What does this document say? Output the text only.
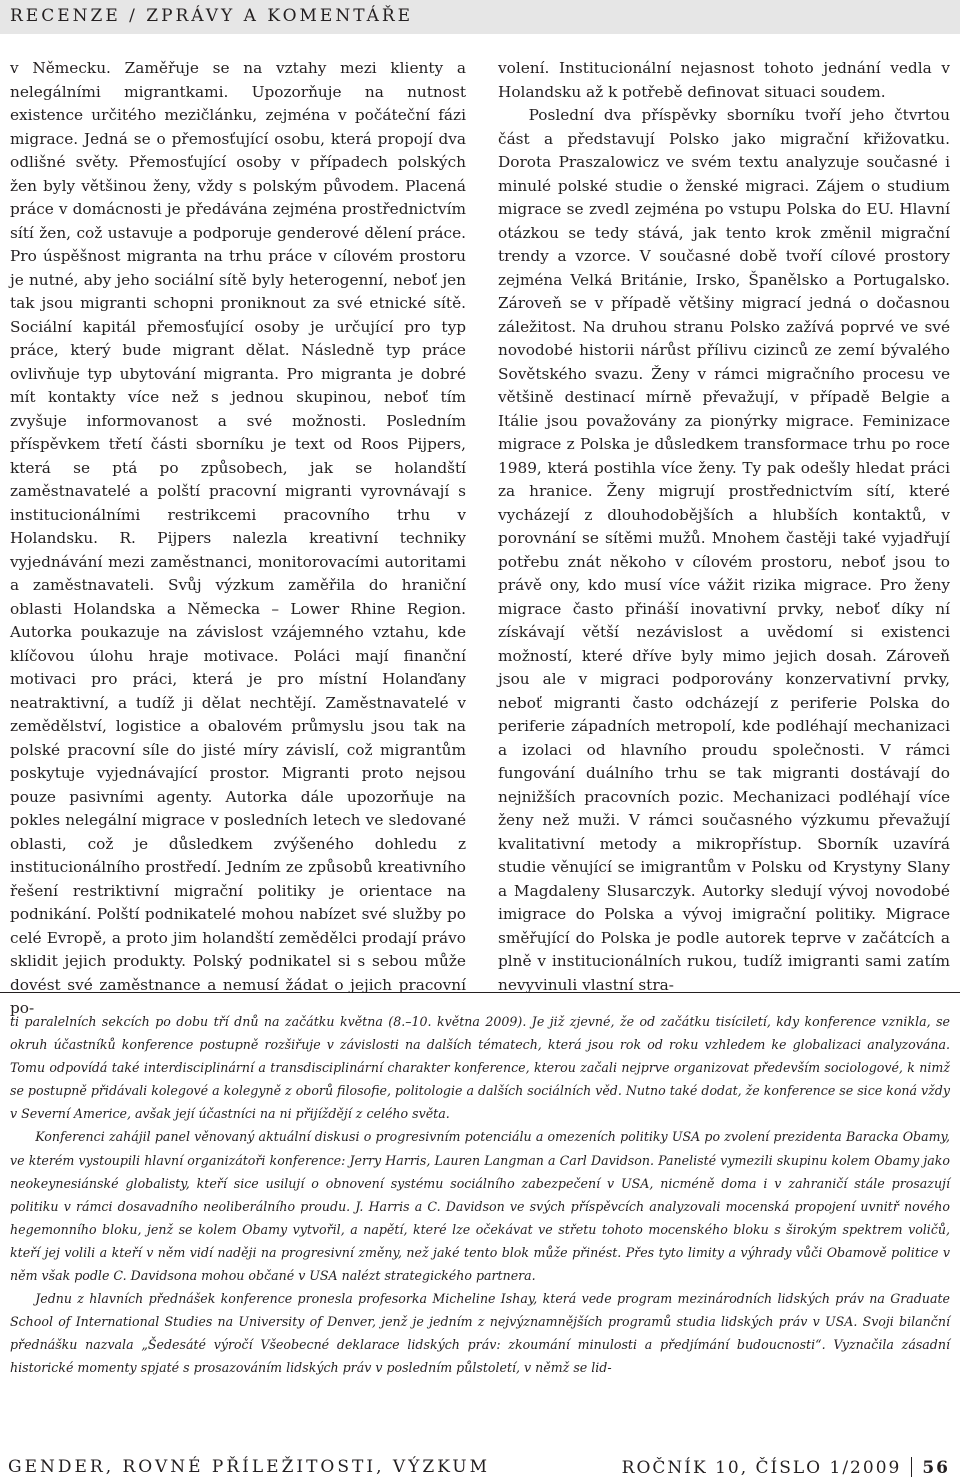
RECENZE / ZPRÁVY A KOMENTÁŘE

v Německu. Zaměřuje se na vztahy mezi klienty a nelegálními migrantkami. Upozorňuje na nutnost existence určitého mezičlánku, zejména v počáteční fázi migrace. Jedná se o přemosťující osobu, která propojí dva odlišné světy. Přemosťující osoby v případech polských žen byly většinou ženy, vždy s polským původem. Placená práce v domácnosti je předávána zejména prostřednictvím sítí žen, což ustavuje a podporuje genderové dělení práce. Pro úspěšnost migranta na trhu práce v cílovém prostoru je nutné, aby jeho sociální sítě byly heterogenní, neboť jen tak jsou migranti schopni proniknout za své etnické sítě. Sociální kapitál přemosťující osoby je určující pro typ práce, který bude migrant dělat. Následně typ práce ovlivňuje typ ubytování migranta. Pro migranta je dobré mít kontakty více než s jednou skupinou, neboť tím zvyšuje informovanost a své možnosti. Posledním příspěvkem třetí části sborníku je text od Roos Pijpers, která se ptá po způsobech, jak se holandští zaměstnavatelé a polští pracovní migranti vyrovnávají s institucionálními restrikcemi pracovního trhu v Holandsku. R. Pijpers nalezla kreativní techniky vyjednávání mezi zaměstnanci, monitorovacími autoritami a zaměstnavateli. Svůj výzkum zaměřila do hraniční oblasti Holandska a Německa – Lower Rhine Region. Autorka poukazuje na závislost vzájemného vztahu, kde klíčovou úlohu hraje motivace. Poláci mají finanční motivaci pro práci, která je pro místní Holanďany neatraktivní, a tudíž ji dělat nechtějí. Zaměstnavatelé v zemědělství, logistice a obalovém průmyslu jsou tak na polské pracovní síle do jisté míry závislí, což migrantům poskytuje vyjednávající prostor. Migranti proto nejsou pouze pasivními agenty. Autorka dále upozorňuje na pokles nelegální migrace v posledních letech ve sledované oblasti, což je důsledkem zvýšeného dohledu z institucionálního prostředí. Jedním ze způsobů kreativního řešení restriktivní migrační politiky je orientace na podnikání. Polští podnikatelé mohou nabízet své služby po celé Evropě, a proto jim holandští zemědělci prodají právo sklidit jejich produkty. Polský podnikatel si s sebou může dovést své zaměstnance a nemusí žádat o jejich pracovní po-

volení. Institucionální nejasnost tohoto jednání vedla v Holandsku až k potřebě definovat situaci soudem.

Poslední dva příspěvky sborníku tvoří jeho čtvrtou část a představují Polsko jako migrační křižovatku. Dorota Praszalowicz ve svém textu analyzuje současné i minulé polské studie o ženské migraci. Zájem o studium migrace se zvedl zejména po vstupu Polska do EU. Hlavní otázkou se tedy stává, jak tento krok změnil migrační trendy a vzorce. V současné době tvoří cílové prostory zejména Velká Británie, Irsko, Španělsko a Portugalsko. Zároveň se v případě většiny migrací jedná o dočasnou záležitost. Na druhou stranu Polsko zažívá poprvé ve své novodobé historii nárůst přílivu cizinců ze zemí bývalého Sovětského svazu. Ženy v rámci migračního procesu ve většině destinací mírně převažují, v případě Belgie a Itálie jsou považovány za pionýrky migrace. Feminizace migrace z Polska je důsledkem transformace trhu po roce 1989, která postihla více ženy. Ty pak odešly hledat práci za hranice. Ženy migrují prostřednictvím sítí, které vycházejí z dlouhodobějších a hlubších kontaktů, v porovnání se sítěmi mužů. Mnohem častěji také vyjadřují potřebu znát někoho v cílovém prostoru, neboť jsou to právě ony, kdo musí více vážit rizika migrace. Pro ženy migrace často přináší inovativní prvky, neboť díky ní získávají větší nezávislost a uvědomí si existenci možností, které dříve byly mimo jejich dosah. Zároveň jsou ale v migraci podporovány konzervativní prvky, neboť migranti často odcházejí z periferie Polska do periferie západních metropolí, kde podléhají mechanizaci a izolaci od hlavního proudu společnosti. V rámci fungování duálního trhu se tak migranti dostávají do nejnižších pracovních pozic. Mechanizaci podléhají více ženy než muži. V rámci současného výzkumu převažují kvalitativní metody a mikropřístup. Sborník uzavírá studie věnující se imigrantům v Polsku od Krystyny Slany a Magdaleny Slusarczyk. Autorky sledují vývoj novodobé imigrace do Polska a vývoj imigrační politiky. Migrace směřující do Polska je podle autorek teprve v začátcích a plně v institucionálních rukou, tudíž imigranti sami zatím nevyvinuli vlastní stra-

ti paralelních sekcích po dobu tří dnů na začátku května (8.–10. května 2009). Je již zjevné, že od začátku tisíciletí, kdy konference vznikla, se okruh účastníků konference postupně rozšiřuje v závislosti na dalších tématech, která jsou rok od roku vzhledem ke globalizaci analyzována. Tomu odpovídá také interdisciplinární a transdisciplinární charakter konference, kterou začali nejprve organizovat především sociologové, k nimž se postupně přidávali kolegové a kolegyně z oborů filosofie, politologie a dalších sociálních věd. Nutno také dodat, že konference se sice koná vždy v Severní Americe, avšak její účastníci na ni přijíždějí z celého světa.

Konferenci zahájil panel věnovaný aktuální diskusi o progresivním potenciálu a omezeních politiky USA po zvolení prezidenta Baracka Obamy, ve kterém vystoupili hlavní organizátoři konference: Jerry Harris, Lauren Langman a Carl Davidson. Panelisté vymezili skupinu kolem Obamy jako neokeynesiánské globalisty, kteří sice usilují o obnovení systému sociálního zabezpečení v USA, nicméně doma i v zahraničí stále prosazují politiku v rámci dosavadního neoliberálního proudu. J. Harris a C. Davidson ve svých příspěvcích analyzovali mocenská propojení uvnitř nového hegemonního bloku, jenž se kolem Obamy vytvořil, a napětí, které lze očekávat ve střetu tohoto mocenského bloku s širokým spektrem voličů, kteří jej volili a kteří v něm vidí naději na progresivní změny, než jaké tento blok může přinést. Přes tyto limity a výhrady vůči Obamově politice v něm však podle C. Davidsona mohou občané v USA nalézt strategického partnera.

Jednu z hlavních přednášek konference pronesla profesorka Micheline Ishay, která vede program mezinárodních lidských práv na Graduate School of International Studies na University of Denver, jenž je jedním z nejvýznamnějších programů studia lidských práv v USA. Svoji bilanční přednášku nazvala „Šedesáté výročí Všeobecné deklarace lidských práv: zkoumání minulosti a předjímání budoucnosti“. Vyznačila zásadní historické momenty spjaté s prosazováním lidských práv v posledním půlstoletí, v němž se lid-

GENDER, ROVNÉ PŘÍLEŽITOSTI, VÝZKUM	ROČNÍK 10, ČÍSLO 1/2009 56
